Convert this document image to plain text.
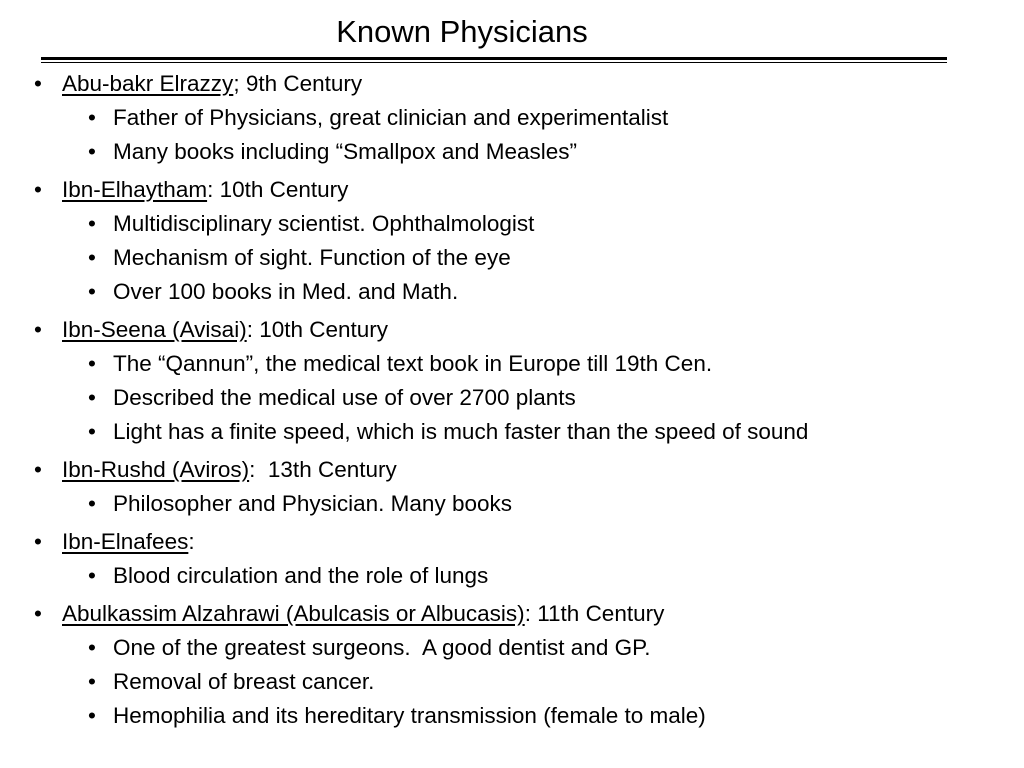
Known Physicians
• Abu-bakr Elrazzy; 9th Century
• Father of Physicians, great clinician and experimentalist
• Many books including “Smallpox and Measles”
• Ibn-Elhaytham: 10th Century
• Multidisciplinary scientist. Ophthalmologist
• Mechanism of sight. Function of the eye
• Over 100 books in Med. and Math.
• Ibn-Seena (Avisai): 10th Century
• The “Qannun”, the medical text book in Europe till 19th Cen.
• Described the medical use of over 2700 plants
• Light has a finite speed, which is much faster than the speed of sound
• Ibn-Rushd (Aviros):  13th Century
• Philosopher and Physician. Many books
• Ibn-Elnafees:
• Blood circulation and the role of lungs
• Abulkassim Alzahrawi (Abulcasis or Albucasis): 11th Century
• One of the greatest surgeons.  A good dentist and GP.
• Removal of breast cancer.
• Hemophilia and its hereditary transmission (female to male)
